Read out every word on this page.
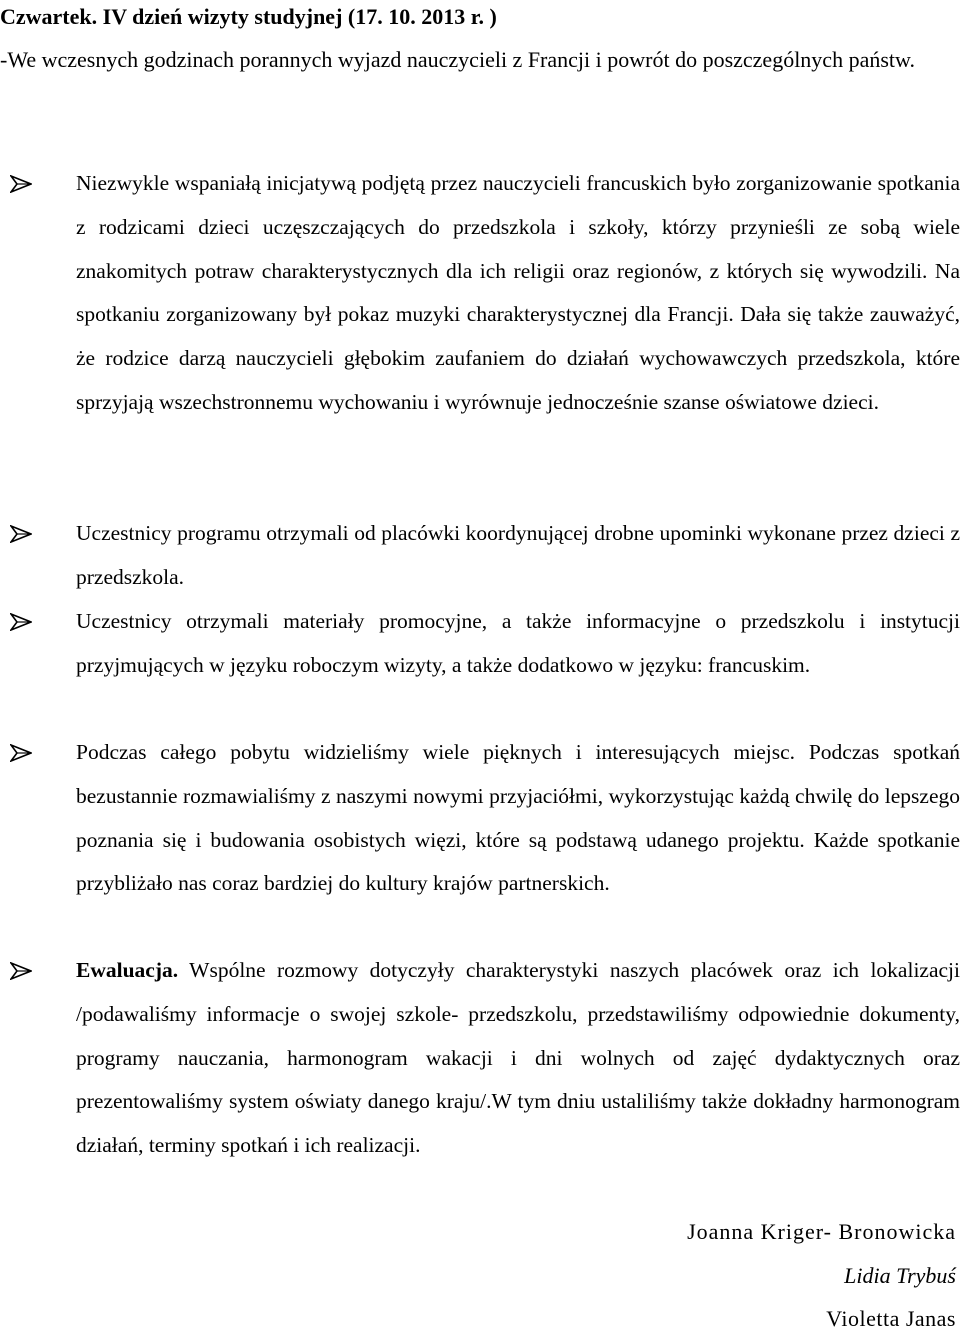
Czwartek. IV dzień wizyty studyjnej (17. 10. 2013 r. )

-We wczesnych godzinach porannych wyjazd nauczycieli z Francji i powrót do poszczególnych państw.

Niezwykle wspaniałą inicjatywą podjętą przez nauczycieli francuskich było zorganizowanie spotkania z rodzicami dzieci uczęszczających do przedszkola i szkoły, którzy przynieśli ze sobą wiele znakomitych potraw charakterystycznych dla ich religii oraz regionów, z których się wywodzili. Na spotkaniu zorganizowany był pokaz muzyki charakterystycznej dla Francji. Dała się także zauważyć, że rodzice darzą nauczycieli głębokim zaufaniem do działań wychowawczych przedszkola, które sprzyjają wszechstronnemu wychowaniu i wyrównuje jednocześnie szanse oświatowe dzieci.
Uczestnicy programu otrzymali od placówki koordynującej drobne upominki wykonane przez dzieci z przedszkola.
Uczestnicy otrzymali materiały promocyjne, a także informacyjne o przedszkolu i instytucji przyjmujących w języku roboczym wizyty, a także dodatkowo w języku: francuskim.
Podczas całego pobytu widzieliśmy wiele pięknych i interesujących miejsc. Podczas spotkań bezustannie rozmawialiśmy z naszymi nowymi przyjaciółmi, wykorzystując każdą chwilę do lepszego poznania się i budowania osobistych więzi, które są podstawą udanego projektu. Każde spotkanie przybliżało nas coraz bardziej do kultury krajów partnerskich.
Ewaluacja. Wspólne rozmowy dotyczyły charakterystyki naszych placówek oraz ich lokalizacji /podawaliśmy informacje o swojej szkole- przedszkolu, przedstawiliśmy odpowiednie dokumenty, programy nauczania, harmonogram wakacji i dni wolnych od zajęć dydaktycznych oraz prezentowaliśmy system oświaty danego kraju/.W tym dniu ustaliliśmy także dokładny harmonogram działań, terminy spotkań i ich realizacji.
Joanna Kriger- Bronowicka
Lidia Trybuś
Violetta Janas
